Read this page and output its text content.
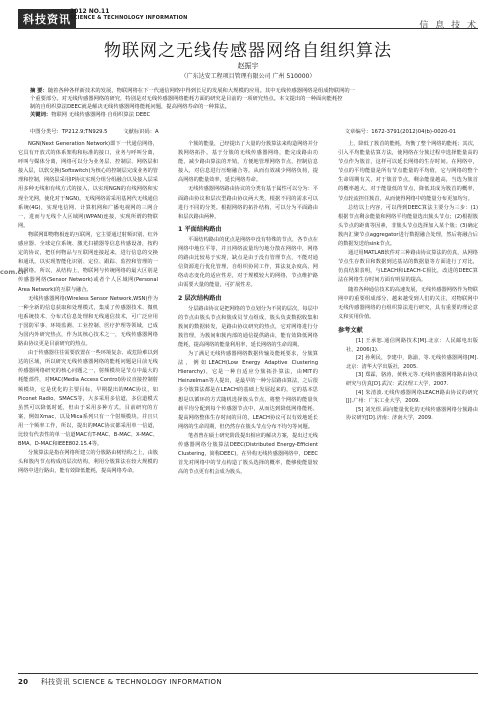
科技资讯
2012 NO.11
SCIENCE & TECHNOLOGY INFORMATION
信 息 技 术
物联网之无线传感器网络自组织算法
赵振宇
（广东达安工程项目管理有限公司 广州 510000）
摘 要：随着各种各样新技术的发展，物联网将在下一代通信网络中得到长足的发展和大规模的应用。其中无线传感器网络是组成物联网的一
个重要部分。对无线传感器网络的研究，特别是对无线传感器网络能耗方面的研究是目前的一项研究热点。本文提出的一种面向能耗控
制的自组织算法DEEC就是解决无线传感器网络能耗问题，提高网络寿命的一种算法。
关键词：物联网 无线传感器网络 自组织算法 DEEC
中图分类号：TP212.9;TN929.5	文献标识码：A	文章编号：1672-3791(2012)04(b)-0020-01

NGN(Next Generation Network)即下一代通信网络，它具有开放式的体系架构和标准的接口，业务与呼叫分离，呼叫与媒体分离，网络可以分为业务层、控制层、网络层和接入层，以软交换(Softswitch)为核心的控制层完成业务的管理和控制，网络层采用IP协议实现分组分组融合以及接入层采用多种无线和有线方式的接入，以实现NGN的有线网络和实现全光网，使化对于NGN)。无线网络需采用基网代无线通信系统(4G)，实现电信网、计算机网和广播电视网的三网合一，进而与无线个人区域网(WPAN)连接，实现所谓的物联网。

物联网即物物相连的互联网，它主要通过射频识别、红外感应器、全球定位系统、激光扫描器等信息传感设备，按约定的协议，把任何物品与互联网连接起来，进行信息的交换和通讯，以实现智能化识别、定位、跟踪、监控和管理的一种网络。所以，从结构上，物联网与传统网络的最大区别是传感器网络(Sensor Network)或者个人区域网(Personal Area Network)的互联与融合。

无线传感器网络(Wireless Sensor Network,WSN)作为一种全新的信息获取和处理模式，集成了传感器技术、微机电系统技术、分布式信息处理和无线通信技术，可广泛应用于国防军事、环境监测、工业控制、医疗护理等领域，已成为国内外研究热点，作为其核心技术之一，无线传感器网络路由协议更是目前研究的热点。

由于传感器往往需要放置在一些环境复杂、或危险难以到达的区域，所以研究无线传感器网络的能耗问题是目前无线传感器网络研究的核心问题之一，射频模块是节点中最大的耗能部件，对MAC(Media Access Control)协议直接控制射频模块，它是优化的主要目标，早期提出的MAC协议，如Piconet Radio、SMACS等，大多采用多信道，多信道模式虽然可以降低时延，但由于采用多种方式，目前研究的方案，例如Xmac，以及Mica系列只有一个射频模块。并且只用一个频率工作，所以，提出的MAC协议都采用单一信道，比较有代表性的单一信道MAC有T-MAC、B-MAC、X-MAC、BMA、D-MAC和IEEE802.15.4等。

分簇算法是指在网络所建立的分簇路由树结构之上，由簇头和簇内节点构成的层次结构，利用分簇算法在较大规模的网络中进行路由，能有效降低能耗，提高网络寿命。

个簇的能量，己经提出了大量的分簇算法来构造网络并分簇网络拓扑。基于分簇的无线传感器网络，能完成路由功能，减少路由算法的开销，方便地管理网络节点，控制信息接入，对信息进行压缩融合等。从而有效减少网络负荷，提高网络的能量效率，延长网络寿命。

无线传感器网络路由协议的分类有基于属性可以分为：平面路由协议和层次型路由协议两大类，根据不同的需求可以进行不同的分类。根据网络的拓扑结构，可以分为平面路由和层次路由两种。

1 平面结构路由

平面结构路由的优点是网络中没有特殊的节点，各节点在网络中地位平等，并且网络流量均匀地分散在网络中，网络的路由比较易于实现，缺点是由于没有管理节点，不能对通信资源进行优化管理，自组织协同工作，算法复杂度高，网络动态变化的适应性差，对于规模较大的网络，节点维护路由需要大量的能量，可扩展性差。

2 层次结构路由

分层路由协议是把网络的节点划分为不同的层次，每层中的节点由簇头节点和簇成员节点组成，簇头负责数据收集和簇间的数据转发，是路由协议研究的热点，它对网络进行分簇管理，为簇间和簇内部的通信提供路由，能有效降低网络能耗，提高网络的能量利用率，延长网络的生命周期。

为了满足无线传感器网络数据传输及能耗要求，分簇算法，例如LEACH(Low Energy Adaptive Clustering Hierarchy)，它是一种自适应分簇拓扑算法，由MIT的Heinzelman等人提出，是最早的一种分层路由算法，之后很多分簇算法都是在LEACH的基础上发展起来的，它的基本思想是以循环的方式随机选择簇头节点，将整个网络的能量负载平均分配到每个传感器节点中，从而达到降低网络能耗、提高网络整体生存时间的目的，LEACH协议可以有效地延长网络的生命周期，但仍然存在簇头节点分布不均匀等问题。

笔者曾在硕士研究阶段提出相应的解决方案，提出过无线传感器网络分簇算法DEEC(Distributed Energy-Efficient Clustering，简称DEEC)，在异构无线传感器网络中，DEEC首先对网络中的节点构造了簇头选择的概率，能够使能量较高的节点更有机会成为簇头。

上，降低了簇首的能耗，均衡了整个网络的能耗；其次，引入平均能量估算方法，使网络在分簇过程中选择能量高的节点作为簇首，这样可以延长网络的生存时间。在网络中，节点的平均能量是所有节点能量的平均值，它与网络的整个生命周期有关，对于簇首节点，剩余能量越高，当选为簇首的概率越大。对于能量低的节点，降低其成为簇首的概率，节点轮流担任簇首，从而使得网络中的能量分布更加均匀。

总结以上内容，可以得到DEEC算法主要分为三步：(1)根据节点剩余能量和网络平均能量选出簇头节点；(2)根据簇头节点的距离等因素，非簇头节点选择加入某个簇；(3)确定簇内汇聚节点aggregator进行数据融合处理，然后将融合后的数据发送给sink节点。

通过用MATLAB软件对三种路由协议算法的仿真，从网络节点生存数目和数据到达基站的数据量等方面进行了对比，仿真结果表明，与LEACH和LEACH-C相比，改进的DEEC算法在网络生存时间方面有明显的提高。

随着各种通信技术的高速发展，无线传感器网络作为物联网中的重要组成部分，越来越受到人们的关注，对物联网中无线传感器网络的自组织算法进行研究，具有重要的理论意义和实用价值。

参考文献

[1] 王承恕.通信网路技术[M].北京：人民邮电出版社，2006(1).

[2] 孙利民，李建中，陈渝，等.无线传感器网络[M].北京：清华大学出版社，2005.

[3] 郑霖，骆涛，黄秋元等.无线传感器网络路由协议研究与仿真[D].武汉：武汉理工大学，2007.

[4] 朱清波.无线传感器网络LEACH路由协议的研究[J].广州：广东工业大学，2009.

[5] 刘光煜.面向能量优化的无线传感器网络分簇路由协议研究[D].济南：济南大学，2009.

com.cn
20 科技资讯 SCIENCE & TECHNOLOGY INFORMATION
